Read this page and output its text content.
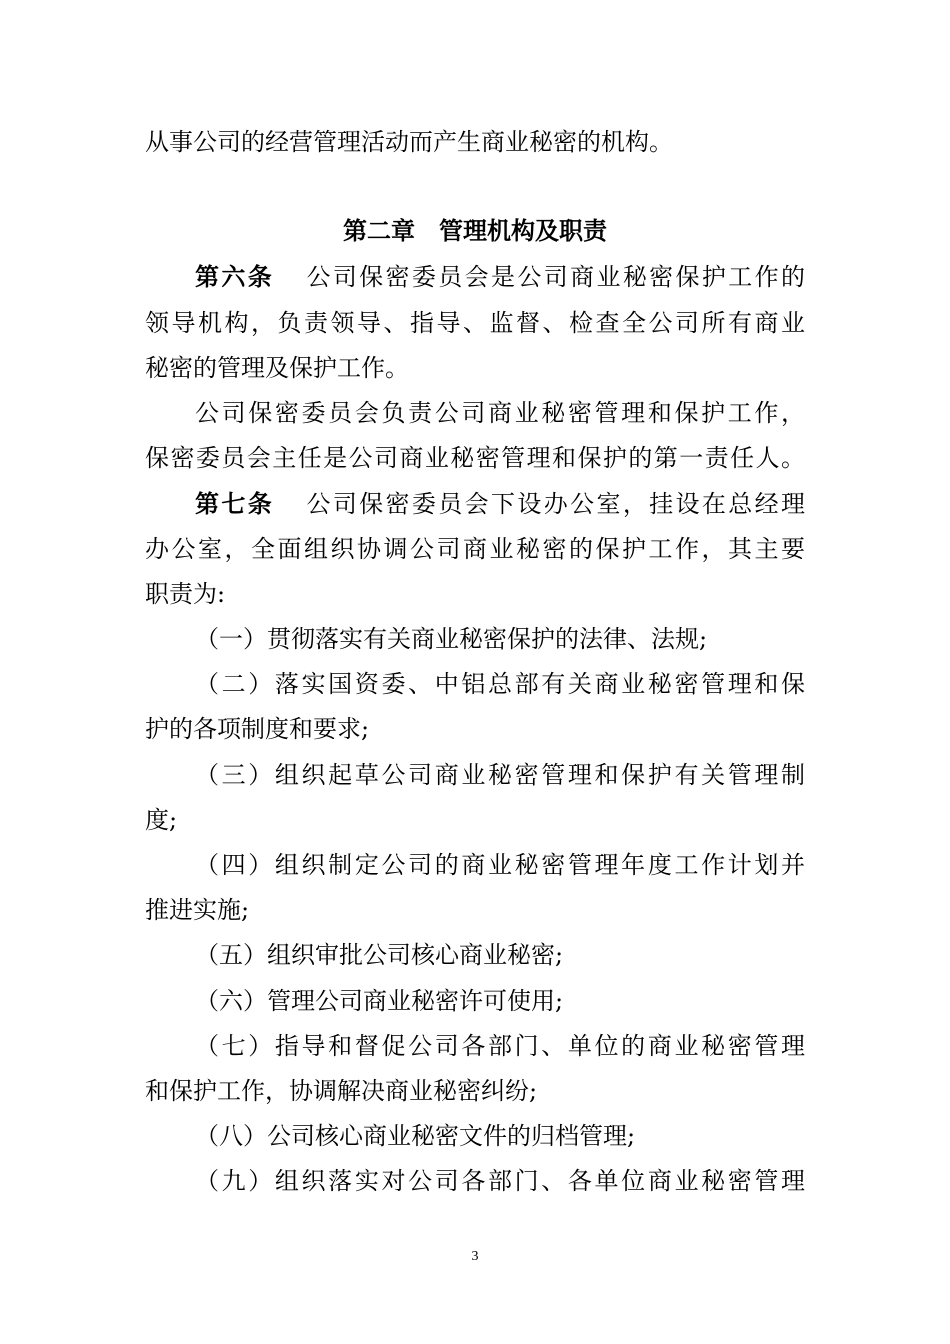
从事公司的经营管理活动而产生商业秘密的机构。
第二章 管理机构及职责
第六条 公司保密委员会是公司商业秘密保护工作的
领导机构，负责领导、指导、监督、检查全公司所有商业
秘密的管理及保护工作。
公司保密委员会负责公司商业秘密管理和保护工作，
保密委员会主任是公司商业秘密管理和保护的第一责任人。
第七条 公司保密委员会下设办公室，挂设在总经理
办公室，全面组织协调公司商业秘密的保护工作，其主要
职责为:
（一）贯彻落实有关商业秘密保护的法律、法规;
（二）落实国资委、中铝总部有关商业秘密管理和保
护的各项制度和要求;
（三）组织起草公司商业秘密管理和保护有关管理制
度;
（四）组织制定公司的商业秘密管理年度工作计划并
推进实施;
（五）组织审批公司核心商业秘密;
（六）管理公司商业秘密许可使用;
（七）指导和督促公司各部门、单位的商业秘密管理
和保护工作，协调解决商业秘密纠纷;
（八）公司核心商业秘密文件的归档管理;
（九）组织落实对公司各部门、各单位商业秘密管理
3
